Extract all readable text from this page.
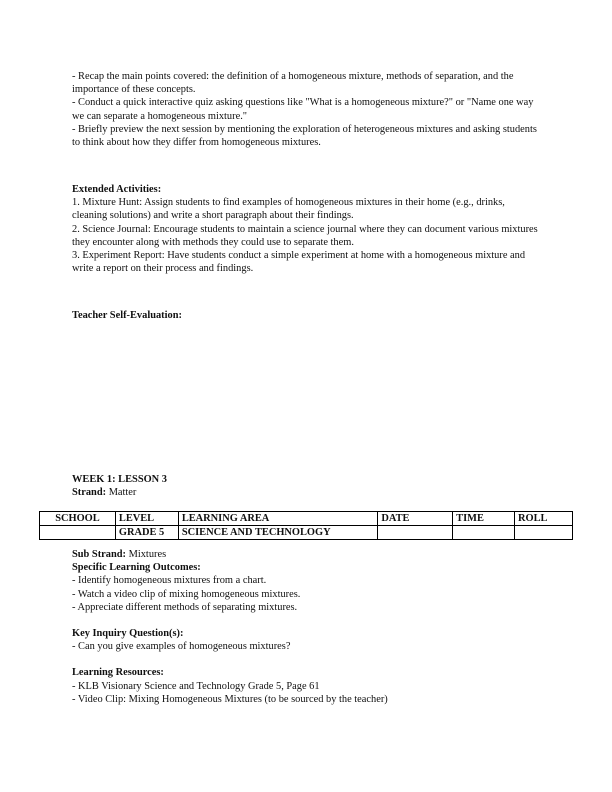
- Recap the main points covered: the definition of a homogeneous mixture, methods of separation, and the importance of these concepts.

- Conduct a quick interactive quiz asking questions like "What is a homogeneous mixture?" or "Name one way we can separate a homogeneous mixture."

- Briefly preview the next session by mentioning the exploration of heterogeneous mixtures and asking students to think about how they differ from homogeneous mixtures.

Extended Activities:

1. Mixture Hunt: Assign students to find examples of homogeneous mixtures in their home (e.g., drinks, cleaning solutions) and write a short paragraph about their findings.

2. Science Journal: Encourage students to maintain a science journal where they can document various mixtures they encounter along with methods they could use to separate them.

3. Experiment Report: Have students conduct a simple experiment at home with a homogeneous mixture and write a report on their process and findings.

Teacher Self-Evaluation:

WEEK 1: LESSON 3

Strand: Matter

SCHOOL	LEVEL	LEARNING AREA	DATE	TIME	ROLL
	GRADE 5	SCIENCE AND TECHNOLOGY			

Sub Strand: Mixtures

Specific Learning Outcomes:

- Identify homogeneous mixtures from a chart.

- Watch a video clip of mixing homogeneous mixtures.

- Appreciate different methods of separating mixtures.

Key Inquiry Question(s):

- Can you give examples of homogeneous mixtures?

Learning Resources:

- KLB Visionary Science and Technology Grade 5, Page 61

- Video Clip: Mixing Homogeneous Mixtures (to be sourced by the teacher)
